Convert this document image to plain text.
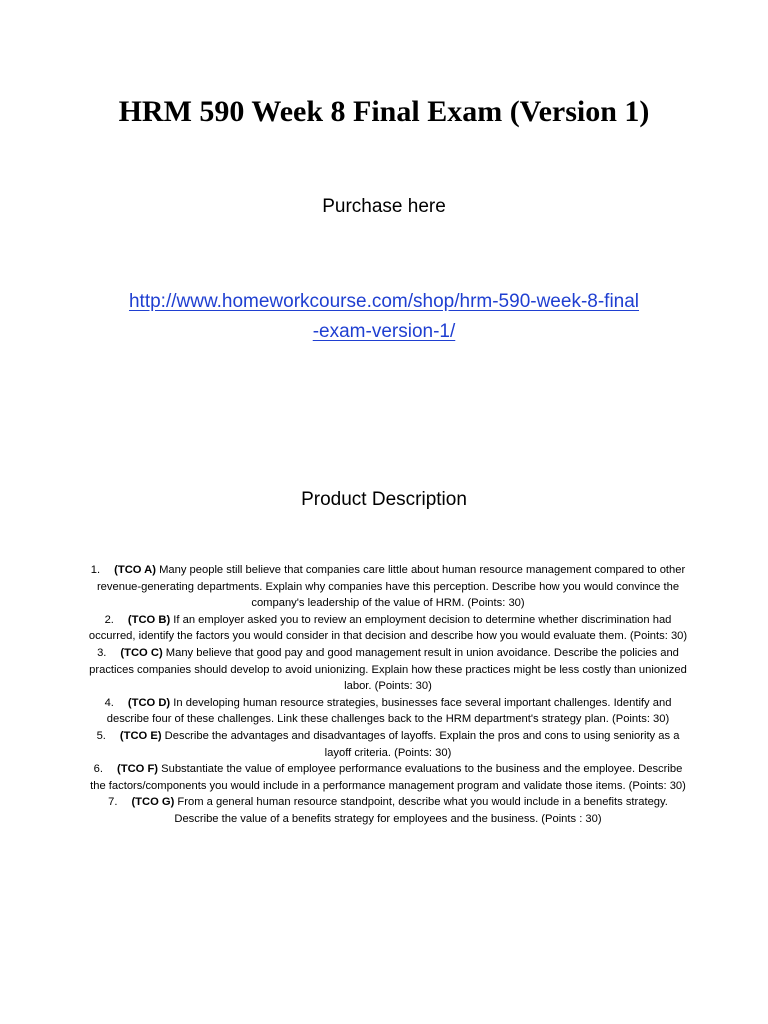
HRM 590 Week 8 Final Exam (Version 1)
Purchase here
http://www.homeworkcourse.com/shop/hrm-590-week-8-final
-exam-version-1/
Product Description
1. (TCO A) Many people still believe that companies care little about human resource management compared to other revenue-generating departments. Explain why companies have this perception. Describe how you would convince the company's leadership of the value of HRM. (Points: 30)
2. (TCO B) If an employer asked you to review an employment decision to determine whether discrimination had occurred, identify the factors you would consider in that decision and describe how you would evaluate them. (Points: 30)
3. (TCO C) Many believe that good pay and good management result in union avoidance. Describe the policies and practices companies should develop to avoid unionizing. Explain how these practices might be less costly than unionized labor. (Points: 30)
4. (TCO D) In developing human resource strategies, businesses face several important challenges. Identify and describe four of these challenges. Link these challenges back to the HRM department's strategy plan. (Points: 30)
5. (TCO E) Describe the advantages and disadvantages of layoffs. Explain the pros and cons to using seniority as a layoff criteria. (Points: 30)
6. (TCO F) Substantiate the value of employee performance evaluations to the business and the employee. Describe the factors/components you would include in a performance management program and validate those items. (Points: 30)
7. (TCO G) From a general human resource standpoint, describe what you would include in a benefits strategy. Describe the value of a benefits strategy for employees and the business. (Points : 30)
